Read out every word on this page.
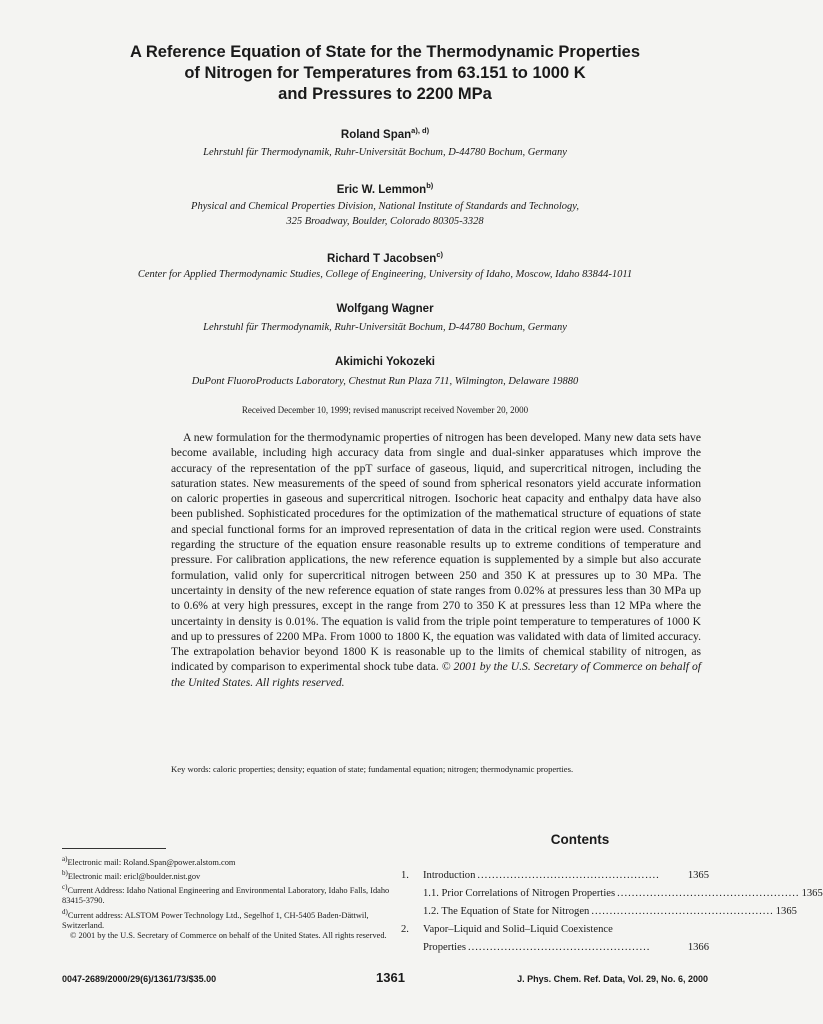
A Reference Equation of State for the Thermodynamic Properties
of Nitrogen for Temperatures from 63.151 to 1000 K
and Pressures to 2200 MPa
Roland Span$^{a), d)}$
Lehrstuhl für Thermodynamik, Ruhr-Universität Bochum, D-44780 Bochum, Germany
Eric W. Lemmon$^{b)}$
Physical and Chemical Properties Division, National Institute of Standards and Technology,
325 Broadway, Boulder, Colorado 80305-3328
Richard T Jacobsen$^{c)}$
Center for Applied Thermodynamic Studies, College of Engineering, University of Idaho, Moscow, Idaho 83844-1011
Wolfgang Wagner
Lehrstuhl für Thermodynamik, Ruhr-Universität Bochum, D-44780 Bochum, Germany
Akimichi Yokozeki
DuPont FluoroProducts Laboratory, Chestnut Run Plaza 711, Wilmington, Delaware 19880
Received December 10, 1999; revised manuscript received November 20, 2000

A new formulation for the thermodynamic properties of nitrogen has been developed. Many new data sets have become available, including high accuracy data from single and dual-sinker apparatuses which improve the accuracy of the representation of the ppT surface of gaseous, liquid, and supercritical nitrogen, including the saturation states. New measurements of the speed of sound from spherical resonators yield accurate information on caloric properties in gaseous and supercritical nitrogen. Isochoric heat capacity and enthalpy data have also been published. Sophisticated procedures for the optimization of the mathematical structure of equations of state and special functional forms for an improved representation of data in the critical region were used. Constraints regarding the structure of the equation ensure reasonable results up to extreme conditions of temperature and pressure. For calibration applications, the new reference equation is supplemented by a simple but also accurate formulation, valid only for supercritical nitrogen between 250 and 350 K at pressures up to 30 MPa. The uncertainty in density of the new reference equation of state ranges from 0.02% at pressures less than 30 MPa up to 0.6% at very high pressures, except in the range from 270 to 350 K at pressures less than 12 MPa where the uncertainty in density is 0.01%. The equation is valid from the triple point temperature to temperatures of 1000 K and up to pressures of 2200 MPa. From 1000 to 1800 K, the equation was validated with data of limited accuracy. The extrapolation behavior beyond 1800 K is reasonable up to the limits of chemical stability of nitrogen, as indicated by comparison to experimental shock tube data. © 2001 by the U.S. Secretary of Commerce on behalf of the United States. All rights reserved.

Key words: caloric properties; density; equation of state; fundamental equation; nitrogen; thermodynamic properties.
$^{a)}$Electronic mail: Roland.Span@power.alstom.com
$^{b)}$Electronic mail: ericl@boulder.nist.gov
$^{c)}$Current Address: Idaho National Engineering and Environmental Laboratory, Idaho Falls, Idaho 83415-3790.
$^{d)}$Current address: ALSTOM Power Technology Ltd., Segelhof 1, CH-5405 Baden-Dättwil, Switzerland.
© 2001 by the U.S. Secretary of Commerce on behalf of the United States. All rights reserved.
Contents
1.	Introduction ..................................................	1365
1.1. Prior Correlations of Nitrogen Properties .................................................. 1365
1.2. The Equation of State for Nitrogen .................................................. 1365
2.	Vapor–Liquid and Solid–Liquid Coexistence
Properties ..................................................	1366
0047-2689/2000/29(6)/1361/73/$35.00	1361	J. Phys. Chem. Ref. Data, Vol. 29, No. 6, 2000
